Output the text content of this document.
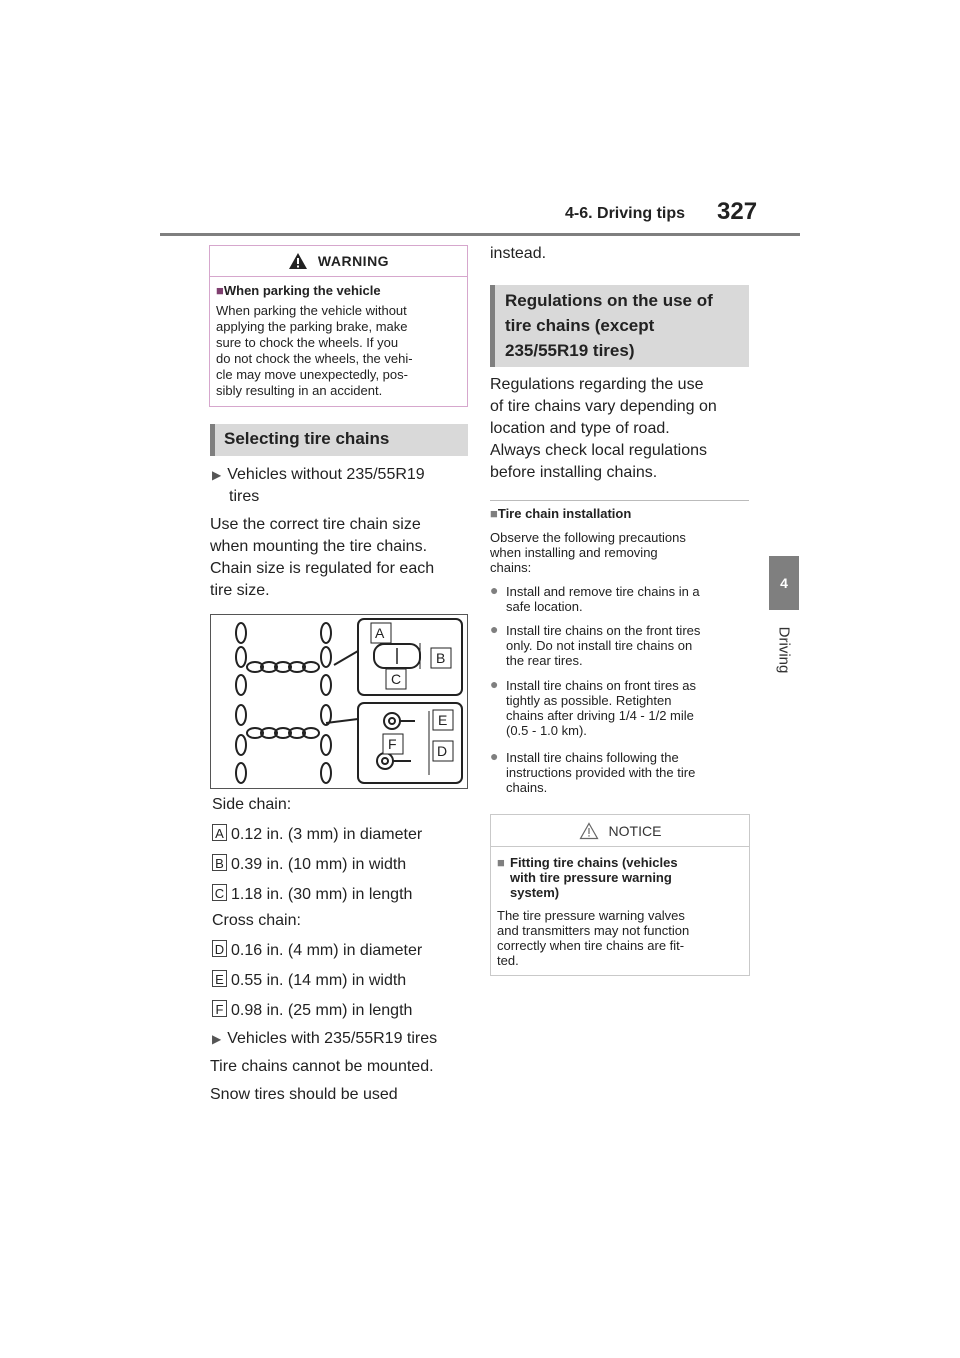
4-6. Driving tips 327
4
Driving
WARNING
■When parking the vehicle
When parking the vehicle without
applying the parking brake, make
sure to chock the wheels. If you
do not chock the wheels, the vehi-
cle may move unexpectedly, pos-
sibly resulting in an accident.
Selecting tire chains
▶ Vehicles without 235/55R19
tires
Use the correct tire chain size
when mounting the tire chains.
Chain size is regulated for each
tire size.
A
B
C
E
F	D
Side chain:
A 0.12 in. (3 mm) in diameter
B 0.39 in. (10 mm) in width
C 1.18 in. (30 mm) in length
Cross chain:
D 0.16 in. (4 mm) in diameter
E 0.55 in. (14 mm) in width
F 0.98 in. (25 mm) in length
▶ Vehicles with 235/55R19 tires
Tire chains cannot be mounted.
Snow tires should be used
instead.
Regulations on the use of
tire chains (except
235/55R19 tires)
Regulations regarding the use
of tire chains vary depending on
location and type of road.
Always check local regulations
before installing chains.
■Tire chain installation
Observe the following precautions
when installing and removing
chains:
● Install and remove tire chains in a
safe location.
● Install tire chains on the front tires
only. Do not install tire chains on
the rear tires.
● Install tire chains on front tires as
tightly as possible. Retighten
chains after driving 1/4 - 1/2 mile
(0.5 - 1.0 km).
● Install tire chains following the
instructions provided with the tire
chains.
NOTICE
■ Fitting tire chains (vehicles
with tire pressure warning
system)
The tire pressure warning valves
and transmitters may not function
correctly when tire chains are fit-
ted.
